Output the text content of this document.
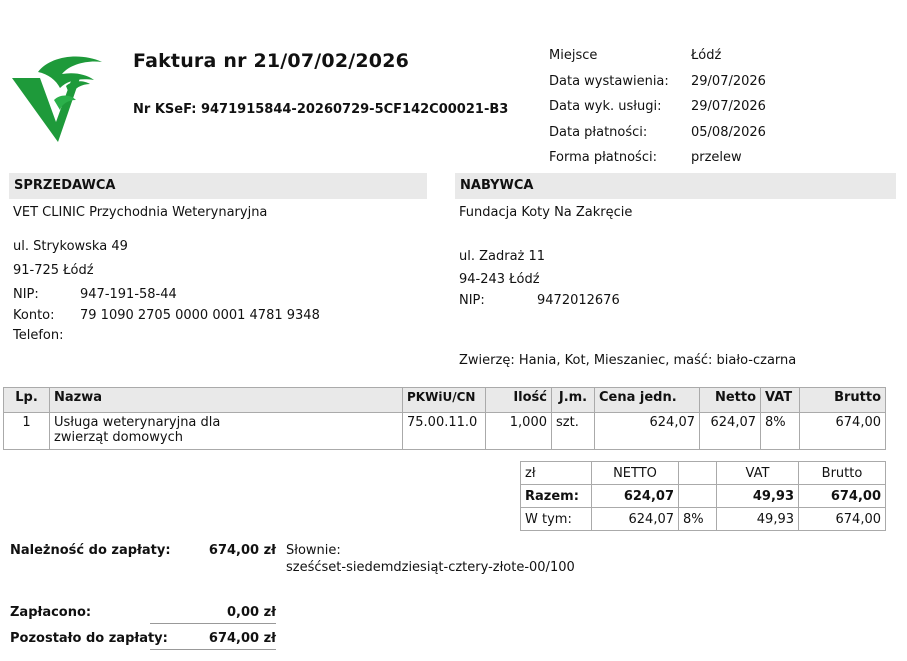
Faktura nr 21/07/02/2026
Nr KSeF: 9471915844-20260729-5CF142C00021-B3
Miejsce	Łódź
Data wystawienia: 29/07/2026
Data wyk. usługi: 29/07/2026
Data płatności:	05/08/2026
Forma płatności:	przelew
SPRZEDAWCA
VET CLINIC Przychodnia Weterynaryjna
ul. Strykowska 49
91-725 Łódź
NIP:	947-191-58-44
Konto: 79 1090 2705 0000 0001 4781 9348
Telefon:
NABYWCA
Fundacja Koty Na Zakręcie
ul. Zadraż 11
94-243 Łódź
NIP:	9472012676
Zwierzę: Hania, Kot, Mieszaniec, maść: biało-czarna
Lp.	Nazwa	PKWiU/CN	Ilość	J.m.	Cena jedn.	Netto	VAT	Brutto
1	Usługa weterynaryjna dla
zwierząt domowych	75.00.11.0	1,000	szt.	624,07	624,07	8%	674,00
zł	NETTO		VAT	Brutto
Razem:	624,07		49,93	674,00
W tym:	624,07	8%	49,93	674,00
Należność do zapłaty:	674,00 zł Słownie:
sześćset-siedemdziesiąt-cztery-złote-00/100
Zapłacono:	0,00 zł
Pozostało do zapłaty:	674,00 zł
